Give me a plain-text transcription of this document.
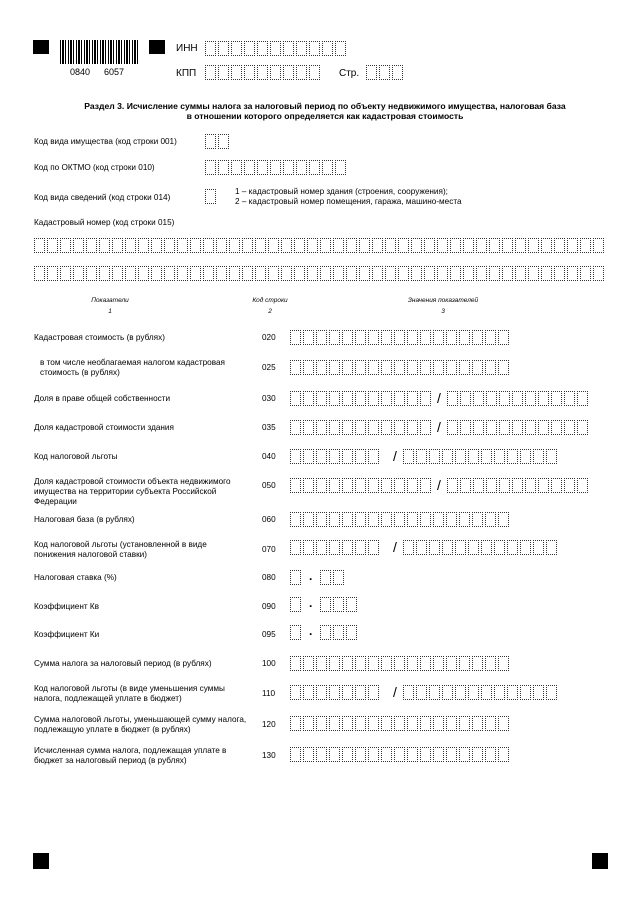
0840 6057
ИНН
КПП	Стр.
Раздел 3. Исчисление суммы налога за налоговый период по объекту недвижимого имущества, налоговая база
в отношении которого определяется как кадастровая стоимость
Код вида имущества (код строки 001)
Код по ОКТМО (код строки 010)
Код вида сведений (код строки 014)
1 – кадастровый номер здания (строения, сооружения);
2 – кадастровый номер помещения, гаража, машино-места
Кадастровый номер (код строки 015)
Показатели
1
Код строки
2
Значения показателей
3
Кадастровая стоимость (в рублях)	020
в том числе необлагаемая налогом кадастровая стоимость (в рублях)
025
Доля в праве общей собственности	030	/
Доля кадастровой стоимости здания	035	/
Код налоговой льготы	040	/
Доля кадастровой стоимости объекта недвижимого имущества на территории субъекта Российской Федерации
050	/
Налоговая база (в рублях)	060
Код налоговой льготы (установленной в виде понижения налоговой ставки)
070	/
Налоговая ставка (%)	080	.
Коэффициент Кв	090	.
Коэффициент Ки	095	.
Сумма налога за налоговый период (в рублях)	100
Код налоговой льготы (в виде уменьшения суммы налога, подлежащей уплате в бюджет)
110	/
Сумма налоговой льготы, уменьшающей сумму налога, подлежащую уплате в бюджет (в рублях)
120
Исчисленная сумма налога, подлежащая уплате в бюджет за налоговый период (в рублях)
130
